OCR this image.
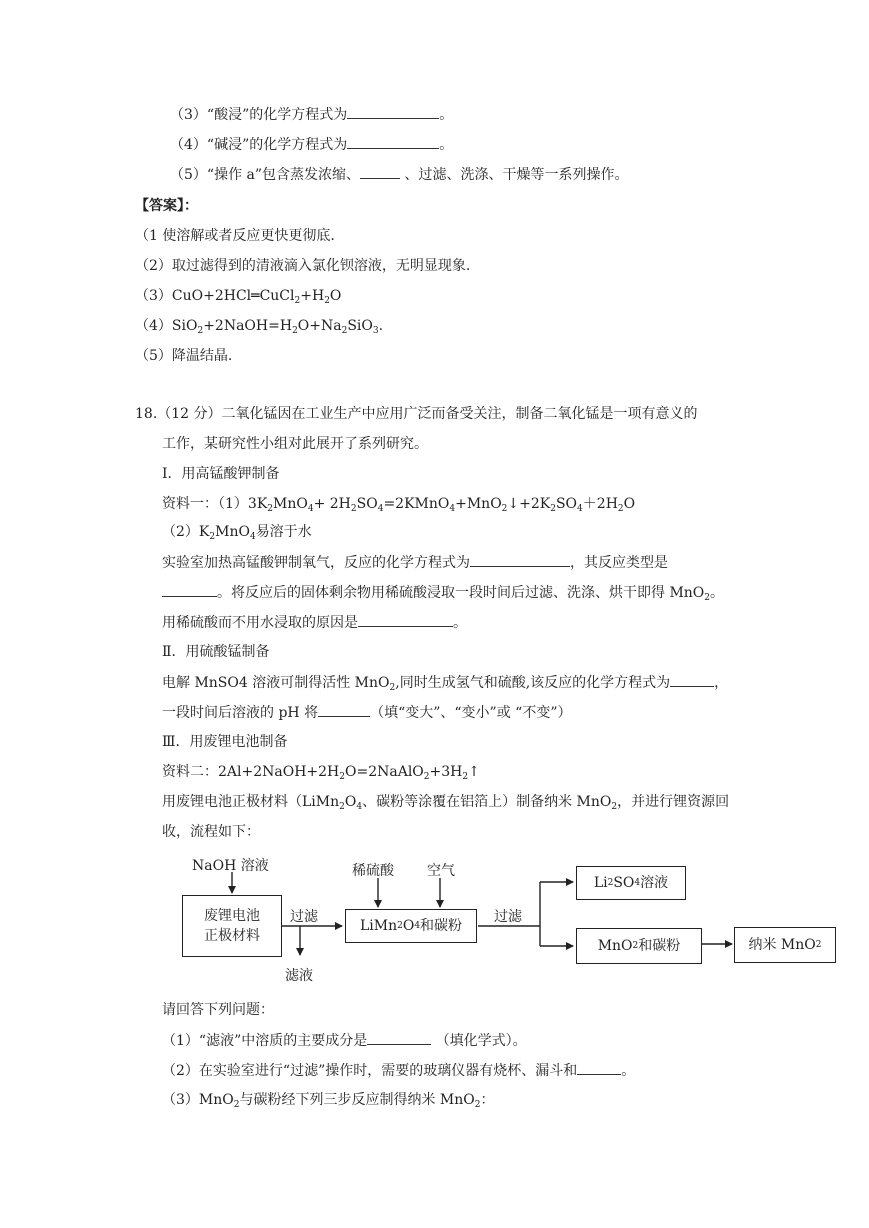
（3）“酸浸”的化学方程式为	。
（4）“碱浸”的化学方程式为	。
（5）“操作 a”包含蒸发浓缩、	、过滤、洗涤、干燥等一系列操作。
【答案】：
（1 使溶解或者反应更快更彻底.
（2）取过滤得到的清液滴入氯化钡溶液，无明显现象.
$(3)CuO+2HCl═CuCl_2+H_2O$
$(4)SiO_2+2NaOH=H_2O+Na_2SiO_3$.
（5）降温结晶.
18.（12 分）二氧化锰因在工业生产中应用广泛而备受关注，制备二氧化锰是一项有意义的
工作，某研究性小组对此展开了系列研究。
Ⅰ．用高锰酸钾制备
资料一：$(1)3K_2MnO_4+$ $2H_2SO_4=2KMnO_4+MnO_2↓+2K_2SO_4+2H_2O$
$(2)K_2MnO_4$易溶于水
实验室加热高锰酸钾制氧气，反应的化学方程式为	，其反应类型是
。将反应后的固体剩余物用稀硫酸浸取一段时间后过滤、洗涤、烘干即得 MnO$_2$。
用稀硫酸而不用水浸取的原因是	。
Ⅱ．用硫酸锰制备
电解 MnSO4 溶液可制得活性 MnO$_2$,同时生成氢气和硫酸,该反应的化学方程式为	，
一段时间后溶液的 pH 将	（填“变大”、“变小”或 “不变”）
Ⅲ．用废锂电池制备
资料二：$2Al+2NaOH+2H_2O=2NaAlO_2+3H_2↑$
用废锂电池正极材料（$LiMn_2O_4$、碳粉等涂覆在铝箔上）制备纳米 MnO$_2$，并进行锂资源回
收，流程如下：
NaOH 溶液	稀硫酸 空气
废锂电池
正极材料
过滤
滤液
LiMn 2 O 4 和碳粉
过滤
Li 2 SO 4 溶液
MnO 2 和碳粉	纳米 MnO 2
请回答下列问题：
（1）“滤液”中溶质的主要成分是	（填化学式）。
（2）在实验室进行“过滤”操作时，需要的玻璃仪器有烧杯、漏斗和	。
（3）MnO$_2$与碳粉经下列三步反应制得纳米 MnO$_2$：
